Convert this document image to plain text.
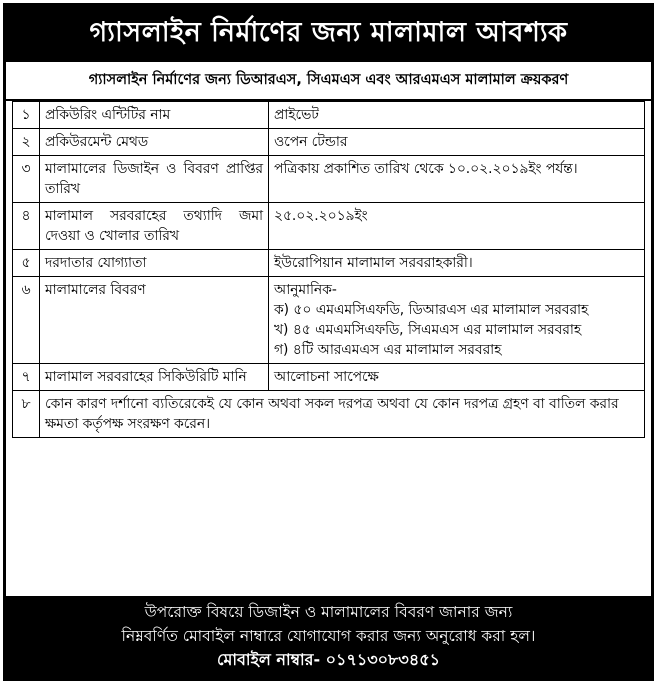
গ্যাসলাইন নির্মাণের জন্য মালামাল আবশ্যক
গ্যাসলাইন নির্মাণের জন্য ডিআরএস, সিএমএস এবং আরএমএস মালামাল ক্রয়করণ
১	প্রকিউরিং এন্টিটির নাম	প্রাইভেট
২	প্রকিউরমেন্ট মেথড	ওপেন টেন্ডার
৩	মালামালের ডিজাইন ও বিবরণ প্রাপ্তির তারিখ	পত্রিকায় প্রকাশিত তারিখ থেকে ১০.০২.২০১৯ইং পর্যন্ত।
৪	মালামাল সরবরাহের তথ্যাদি জমা দেওয়া ও খোলার তারিখ	২৫.০২.২০১৯ইং
৫	দরদাতার যোগ্যাতা	ইউরোপিয়ান মালামাল সরবরাহকারী।
৬	মালামালের বিবরণ	আনুমানিক-
ক) ৫০ এমএমসিএফডি, ডিআরএস এর মালামাল সরবরাহ
খ) ৪৫ এমএমসিএফডি, সিএমএস এর মালামাল সরবরাহ
গ) ৪টি আরএমএস এর মালামাল সরবরাহ

৭	মালামাল সরবরাহের সিকিউরিটি মানি	আলোচনা সাপেক্ষে
৮	কোন কারণ দর্শানো ব্যতিরেকেই যে কোন অথবা সকল দরপত্র অথবা যে কোন দরপত্র গ্রহণ বা বাতিল করার ক্ষমতা কর্তৃপক্ষ সংরক্ষণ করেন।	
উপরোক্ত বিষয়ে ডিজাইন ও মালামালের বিবরণ জানার জন্য
নিম্নবর্ণিত মোবাইল নাম্বারে যোগাযোগ করার জন্য অনুরোধ করা হল।
মোবাইল নাম্বার- ০১৭১৩০৮৩৪৫১
